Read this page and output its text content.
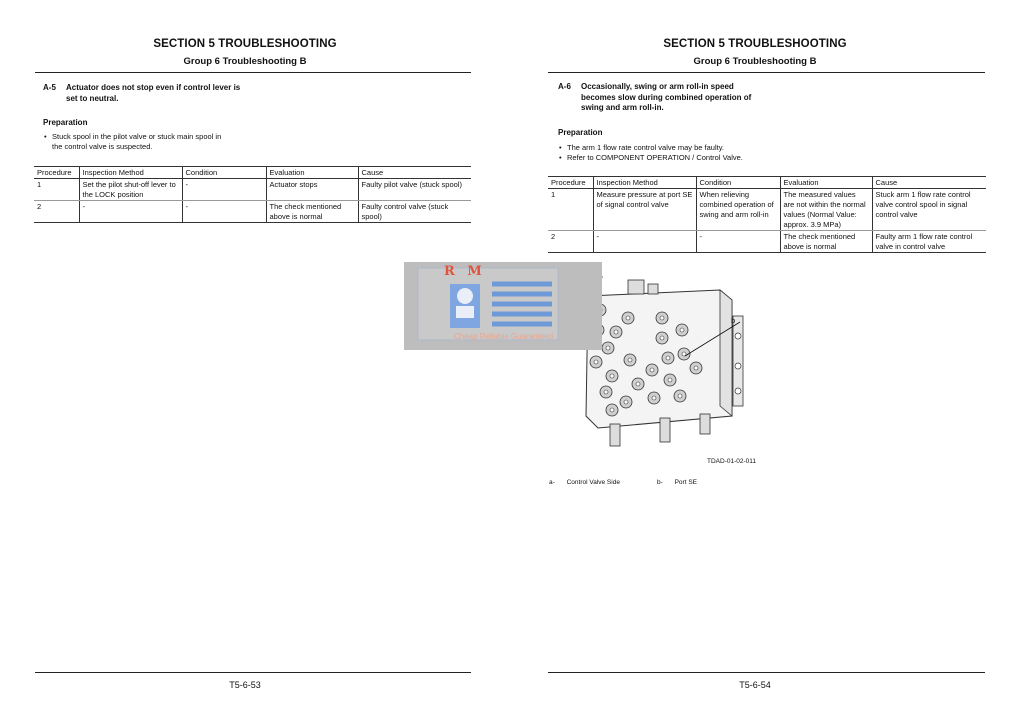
SECTION 5 TROUBLESHOOTING
Group 6 Troubleshooting B
A-5 Actuator does not stop even if control lever is
set to neutral.
Preparation
• Stuck spool in the pilot valve or stuck main spool in
the control valve is suspected.
Procedure	Inspection Method	Condition	Evaluation	Cause
1	Set the pilot shut-off lever to the LOCK position	-	Actuator stops	Faulty pilot valve (stuck spool)
2	-	-	The check mentioned above is normal	Faulty control valve (stuck spool)
T5-6-53
SECTION 5 TROUBLESHOOTING
Group 6 Troubleshooting B
A-6 Occasionally, swing or arm roll-in speed
becomes slow during combined operation of
swing and arm roll-in.
Preparation
• The arm 1 flow rate control valve may be faulty.
• Refer to COMPONENT OPERATION / Control Valve.
Procedure	Inspection Method	Condition	Evaluation	Cause
1	Measure pressure at port SE of signal control valve	When relieving combined operation of swing and arm roll-in	The measured values are not within the normal values (Normal Value: approx. 3.9 MPa)	Stuck arm 1 flow rate control valve control spool in signal control valve
2	-	-	The check mentioned above is normal	Faulty arm 1 flow rate control valve in control valve
b
TDAD-01-02-011
a- Control Valve Side	b- Port SE
T5-6-54
R M
Cheap Reliable Guaranteed
